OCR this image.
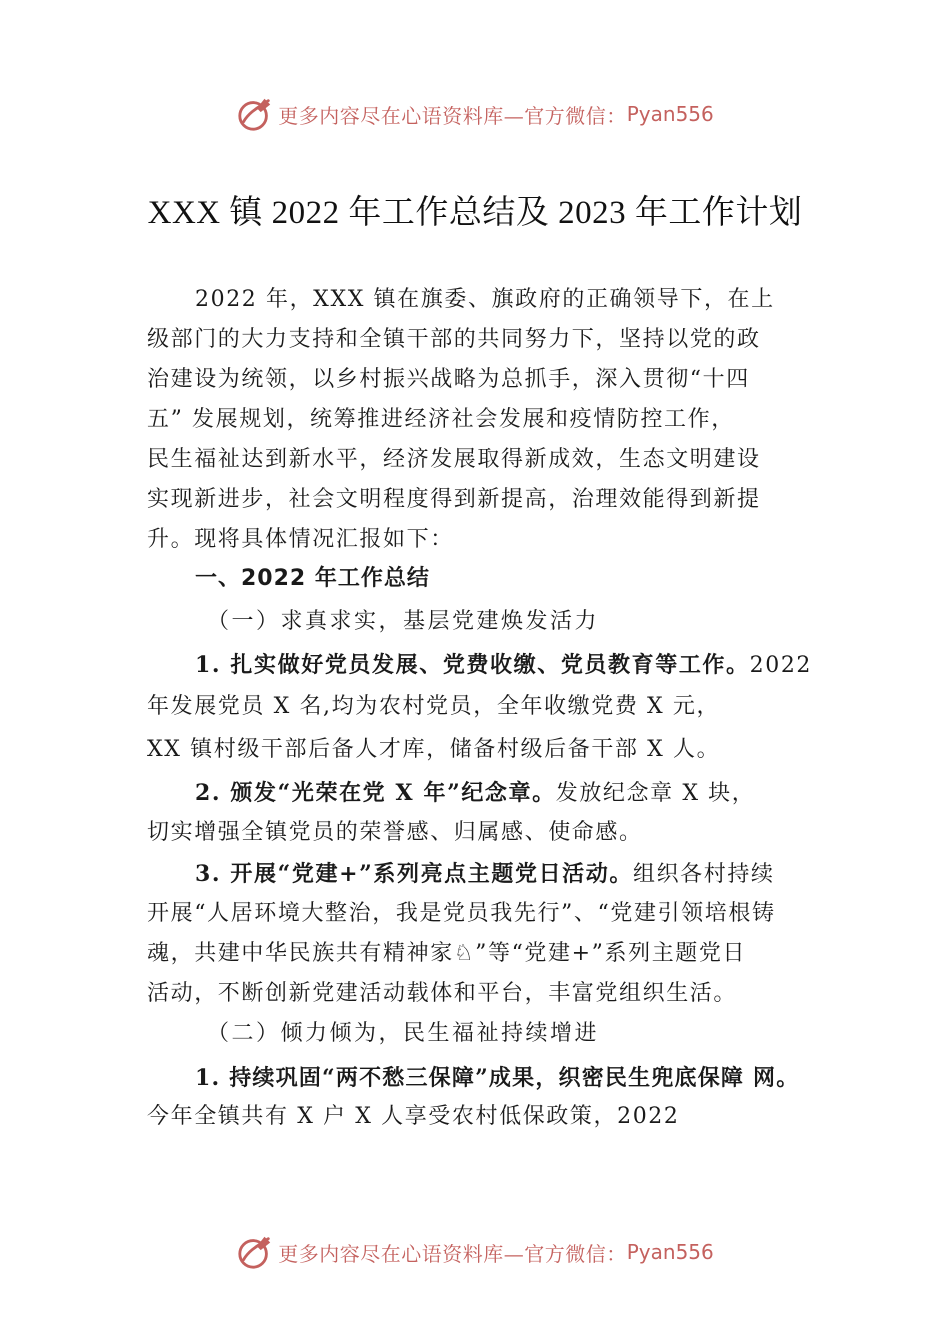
更多内容尽在心语资料库—官方微信： Pyan556
XXX 镇 2022 年工作总结及 2023 年工作计划
2022 年，XXX 镇在旗委、旗政府的正确领导下，在上
级部门的大力支持和全镇干部的共同努力下，坚持以党的政
治建设为统领，以乡村振兴战略为总抓手，深入贯彻“十四
五” 发展规划，统筹推进经济社会发展和疫情防控工作，
民生福祉达到新水平，经济发展取得新成效，生态文明建设
实现新进步，社会文明程度得到新提高，治理效能得到新提
升。现将具体情况汇报如下：
一、2022 年工作总结
（一）求真求实，基层党建焕发活力
1. 扎实做好党员发展、党费收缴、党员教育等工作。2022
年发展党员 X 名,均为农村党员，全年收缴党费 X 元，
XX 镇村级干部后备人才库，储备村级后备干部 X 人。
2. 颁发“光荣在党 X 年”纪念章。发放纪念章 X 块，
切实增强全镇党员的荣誉感、归属感、使命感。
3. 开展“党建+”系列亮点主题党日活动。组织各村持续
开展“人居环境大整治，我是党员我先行”、“党建引领培根铸
魂，共建中华民族共有精神家♘”等“党建+”系列主题党日
活动，不断创新党建活动载体和平台，丰富党组织生活。
（二）倾力倾为，民生福祉持续增进
1. 持续巩固“两不愁三保障”成果，织密民生兜底保障 网。
今年全镇共有 X 户 X 人享受农村低保政策，2022
更多内容尽在心语资料库—官方微信： Pyan556
